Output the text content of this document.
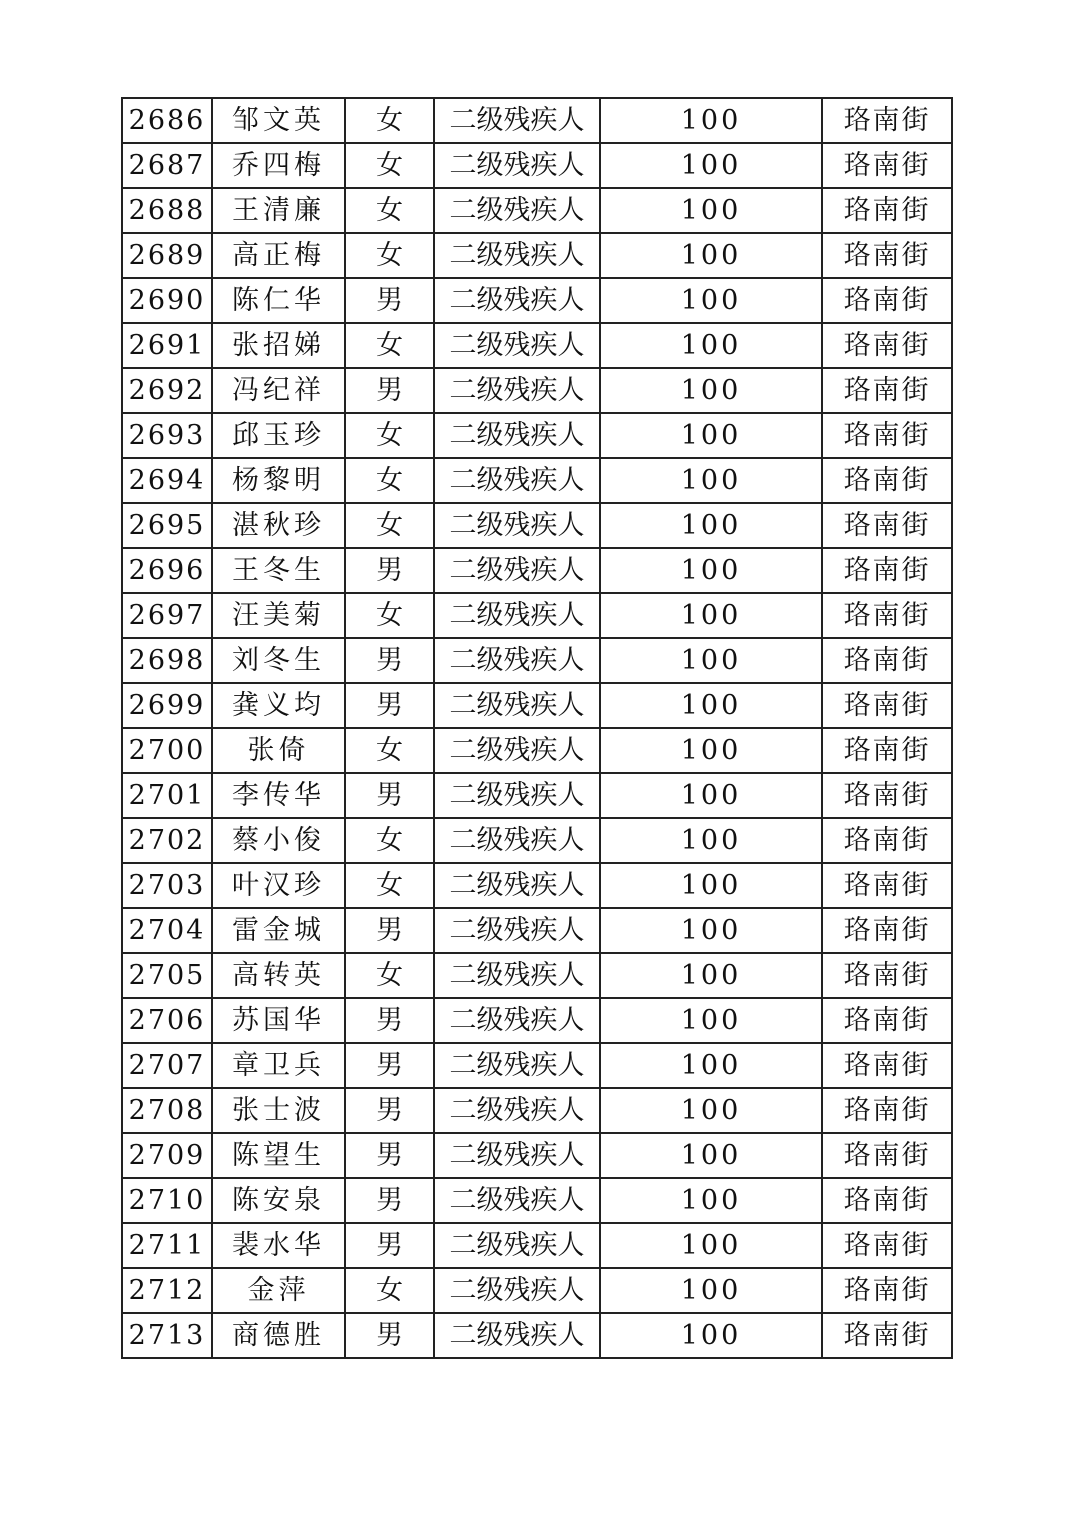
2686	邹文英	女	二级残疾人	100	珞南街
2687	乔四梅	女	二级残疾人	100	珞南街
2688	王清廉	女	二级残疾人	100	珞南街
2689	高正梅	女	二级残疾人	100	珞南街
2690	陈仁华	男	二级残疾人	100	珞南街
2691	张招娣	女	二级残疾人	100	珞南街
2692	冯纪祥	男	二级残疾人	100	珞南街
2693	邱玉珍	女	二级残疾人	100	珞南街
2694	杨黎明	女	二级残疾人	100	珞南街
2695	湛秋珍	女	二级残疾人	100	珞南街
2696	王冬生	男	二级残疾人	100	珞南街
2697	汪美菊	女	二级残疾人	100	珞南街
2698	刘冬生	男	二级残疾人	100	珞南街
2699	龚义均	男	二级残疾人	100	珞南街
2700	张倚	女	二级残疾人	100	珞南街
2701	李传华	男	二级残疾人	100	珞南街
2702	蔡小俊	女	二级残疾人	100	珞南街
2703	叶汉珍	女	二级残疾人	100	珞南街
2704	雷金城	男	二级残疾人	100	珞南街
2705	高转英	女	二级残疾人	100	珞南街
2706	苏国华	男	二级残疾人	100	珞南街
2707	章卫兵	男	二级残疾人	100	珞南街
2708	张士波	男	二级残疾人	100	珞南街
2709	陈望生	男	二级残疾人	100	珞南街
2710	陈安泉	男	二级残疾人	100	珞南街
2711	裴水华	男	二级残疾人	100	珞南街
2712	金萍	女	二级残疾人	100	珞南街
2713	商德胜	男	二级残疾人	100	珞南街
